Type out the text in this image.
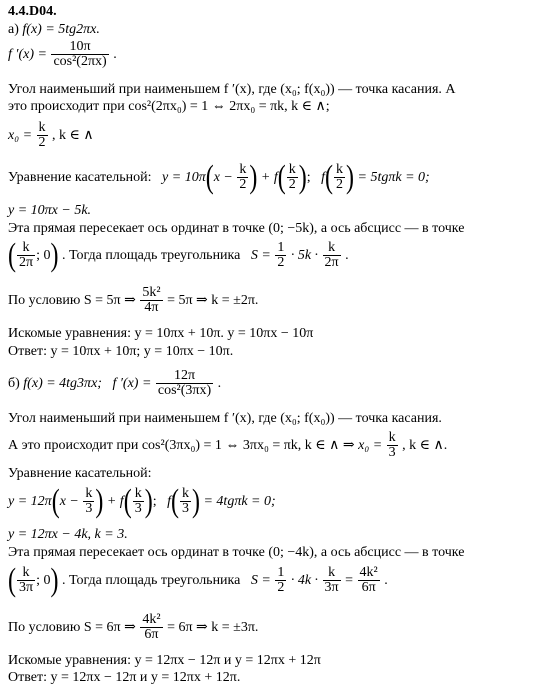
4.4.D04.
а) f(x) = 5tg2πx.
f $'(x) = \frac{10\pi}{\text{cos²(2πx)}}$ .
Угол наименьший при наименьшем f ′(x), где (x₀; f(x₀)) — точка касания. А
это происходит при cos²(2πx₀) = 1 ⇔ 2πx₀ = πk, k ∈ ∧;
$x_0 = \frac{k}{2}$ , k ∈ ∧
Уравнение касательной: $y = 10\pi(x - \frac{k}{2}$ ) + $f( \frac{k}{2}$ ); $f( \frac{k}{2}$ ) = 5tgπk = 0;
y = 10πx − 5k.
Эта прямая пересекает ось ординат в точке (0; −5k), а ось абсцисс — в точке
( $\frac{k}{2\pi}$ ; 0) . Тогда площадь треугольника $S = \frac{1}{2} \cdot 5k \cdot \frac{k}{2\pi}$ .
По условию S = 5π ⇒ $\frac{\text{5k²}}{4\pi} = 5\pi$ ⇒ k = ±2π.
Искомые уравнения: y = 10πx + 10π. y = 10πx − 10π
Ответ: y = 10πx + 10π; y = 10πx − 10π.
б) f(x) = 4tg3πx; f $'(x) = \frac{12\pi}{\text{cos²(3πx)}}$ .
Угол наименьший при наименьшем f ′(x), где (x₀; f(x₀)) — точка касания.
А это происходит при cos²(3πx₀) = 1 ⇔ 3πx₀ = πk, k ∈ ∧ ⇒ $x_0 = \frac{k}{3}$ , k ∈ ∧.
Уравнение касательной:
$y = 12\pi(x - \frac{k}{3}$ ) + $f( \frac{k}{3}$ ); $f( \frac{k}{3}$ ) = 4tgπk = 0;
y = 12πx − 4k, k = 3.
Эта прямая пересекает ось ординат в точке (0; −4k), а ось абсцисс — в точке
( $\frac{k}{3\pi}$ ; 0) . Тогда площадь треугольника $S = \frac{1}{2} \cdot 4k \cdot \frac{k}{3\pi} = \frac{\text{4k²}}{6\pi}$ .
По условию S = 6π ⇒ $\frac{\text{4k²}}{6\pi} = 6\pi$ ⇒ k = ±3π.
Искомые уравнения: y = 12πx − 12π и y = 12πx + 12π
Ответ: y = 12πx − 12π и y = 12πx + 12π.
